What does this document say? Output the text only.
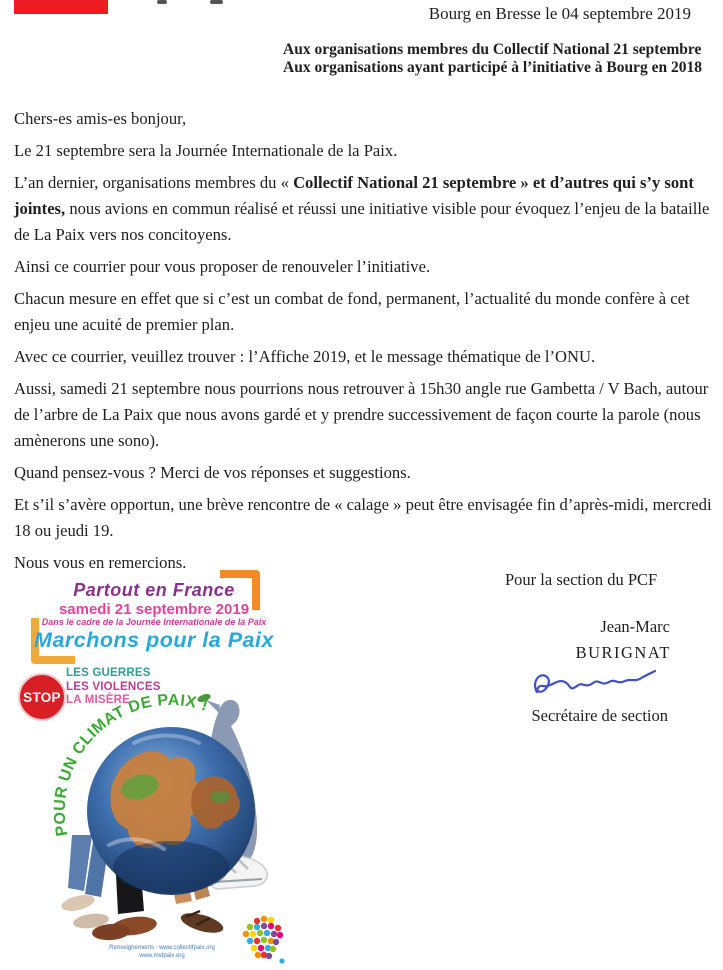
Bourg en Bresse le 04 septembre 2019
Aux organisations membres du Collectif National 21 septembre
Aux organisations ayant participé à l’initiative à Bourg en 2018

Chers-es amis-es bonjour,

Le 21 septembre sera la Journée Internationale de la Paix.

L’an dernier, organisations membres du « Collectif National 21 septembre » et d’autres qui s’y sont jointes, nous avions en commun réalisé et réussi une initiative visible pour évoquez l’enjeu de la bataille de La Paix vers nos concitoyens.

Ainsi ce courrier pour vous proposer de renouveler l’initiative.

Chacun mesure en effet que si c’est un combat de fond, permanent, l’actualité du monde confère à cet enjeu une acuité de premier plan.

Avec ce courrier, veuillez trouver : l’Affiche 2019, et le message thématique de l’ONU.

Aussi, samedi 21 septembre nous pourrions nous retrouver à 15h30 angle rue Gambetta / V Bach, autour de l’arbre de La Paix que nous avons gardé et y prendre successivement de façon courte la parole (nous amènerons une sono).

Quand pensez-vous ? Merci de vos réponses et suggestions.

Et s’il s’avère opportun, une brève rencontre de « calage » peut être envisagée fin d’après-midi, mercredi 18 ou jeudi 19.

Nous vous en remercions.

Pour la section du PCF
Jean-Marc
BURIGNAT
Secrétaire de section
Partout en France
samedi 21 septembre 2019
Dans le cadre de la Journée Internationale de la Paix
Marchons pour la Paix
STOP
LES GUERRES
LES VIOLENCES
LA MISÈRE
POUR UN CLIMAT DE PAIX !
Renseignements : www.collectifpaix.org
www.mvtpaix.org
